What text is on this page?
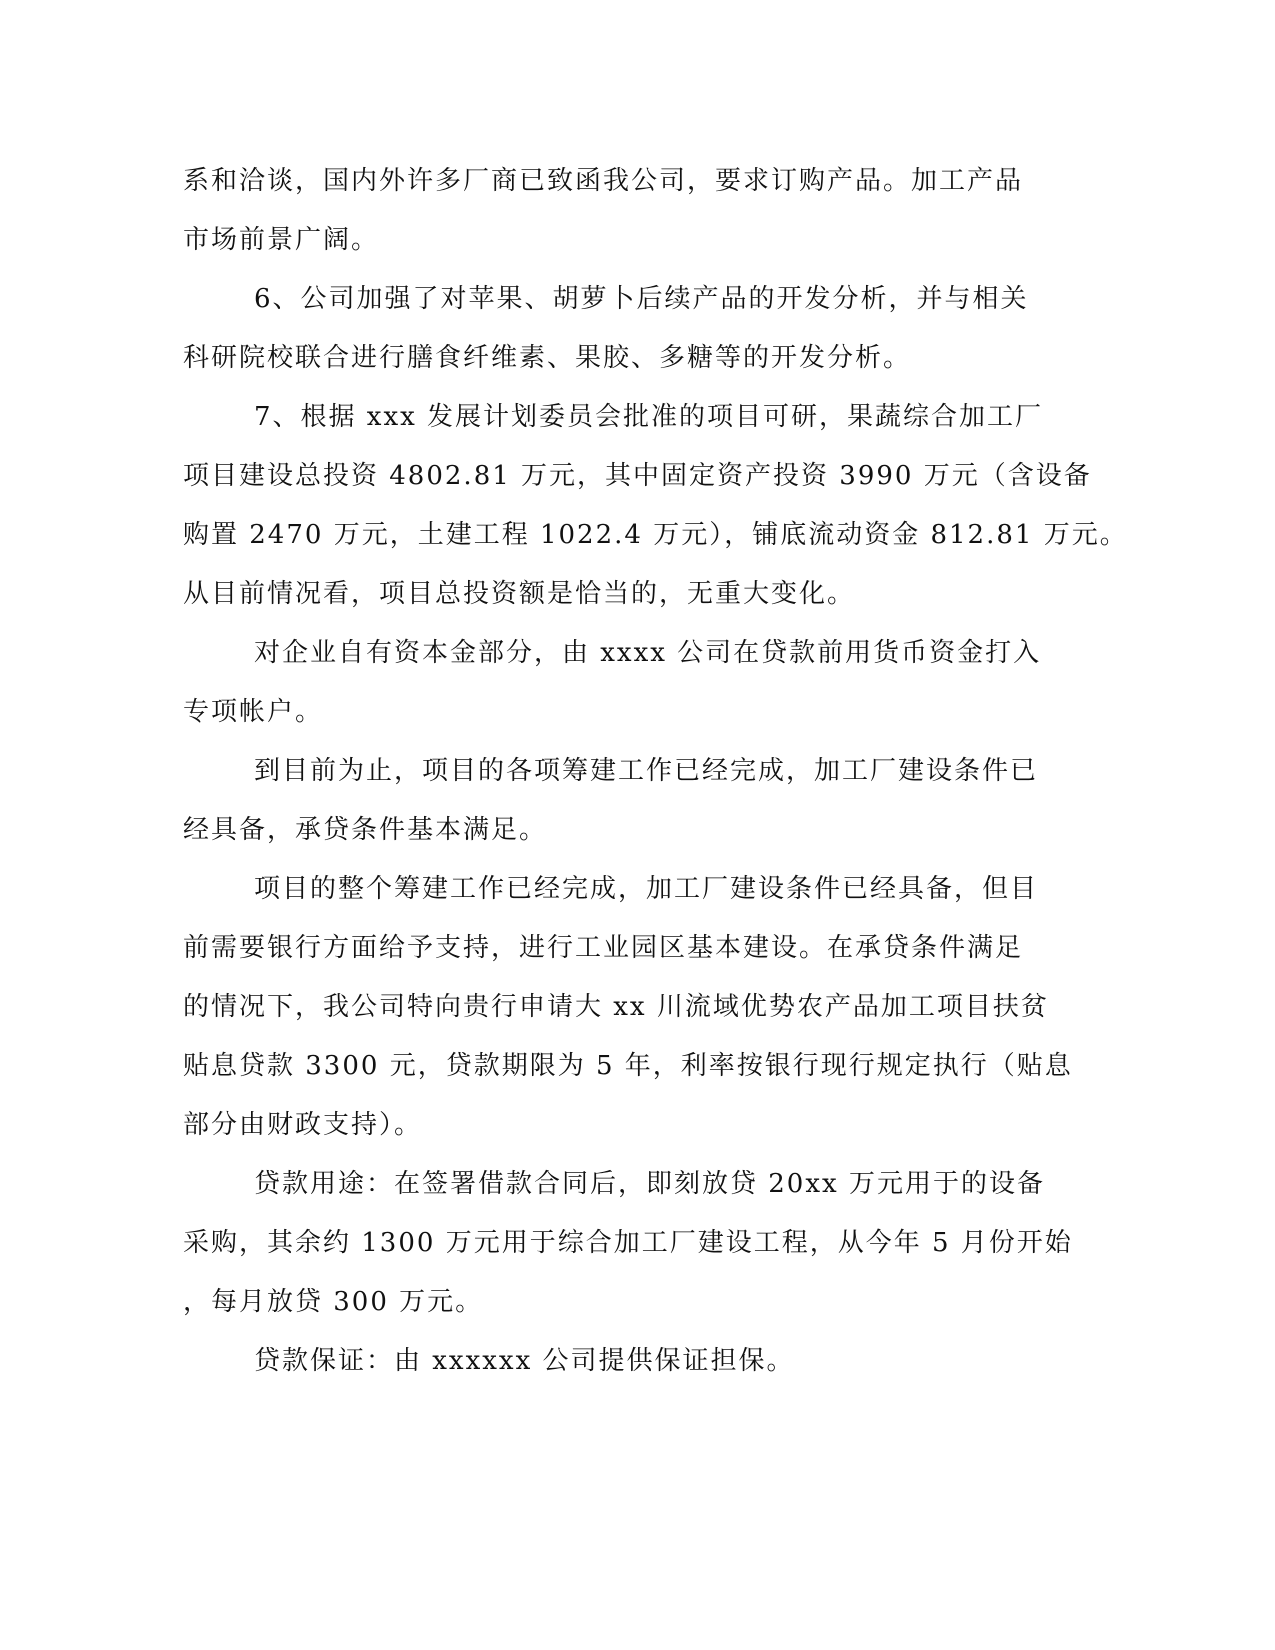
系和洽谈，国内外许多厂商已致函我公司，要求订购产品。加工产品
市场前景广阔。
6、公司加强了对苹果、胡萝卜后续产品的开发分析，并与相关
科研院校联合进行膳食纤维素、果胶、多糖等的开发分析。
7、根据 xxx 发展计划委员会批准的项目可研，果蔬综合加工厂
项目建设总投资 4802.81 万元，其中固定资产投资 3990 万元（含设备
购置 2470 万元，土建工程 1022.4 万元），铺底流动资金 812.81 万元。
从目前情况看，项目总投资额是恰当的，无重大变化。
对企业自有资本金部分，由 xxxx 公司在贷款前用货币资金打入
专项帐户。
到目前为止，项目的各项筹建工作已经完成，加工厂建设条件已
经具备，承贷条件基本满足。
项目的整个筹建工作已经完成，加工厂建设条件已经具备，但目
前需要银行方面给予支持，进行工业园区基本建设。在承贷条件满足
的情况下，我公司特向贵行申请大 xx 川流域优势农产品加工项目扶贫
贴息贷款 3300 元，贷款期限为 5 年，利率按银行现行规定执行（贴息
部分由财政支持）。
贷款用途：在签署借款合同后，即刻放贷 20xx 万元用于的设备
采购，其余约 1300 万元用于综合加工厂建设工程，从今年 5 月份开始
，每月放贷 300 万元。
贷款保证：由 xxxxxx 公司提供保证担保。
